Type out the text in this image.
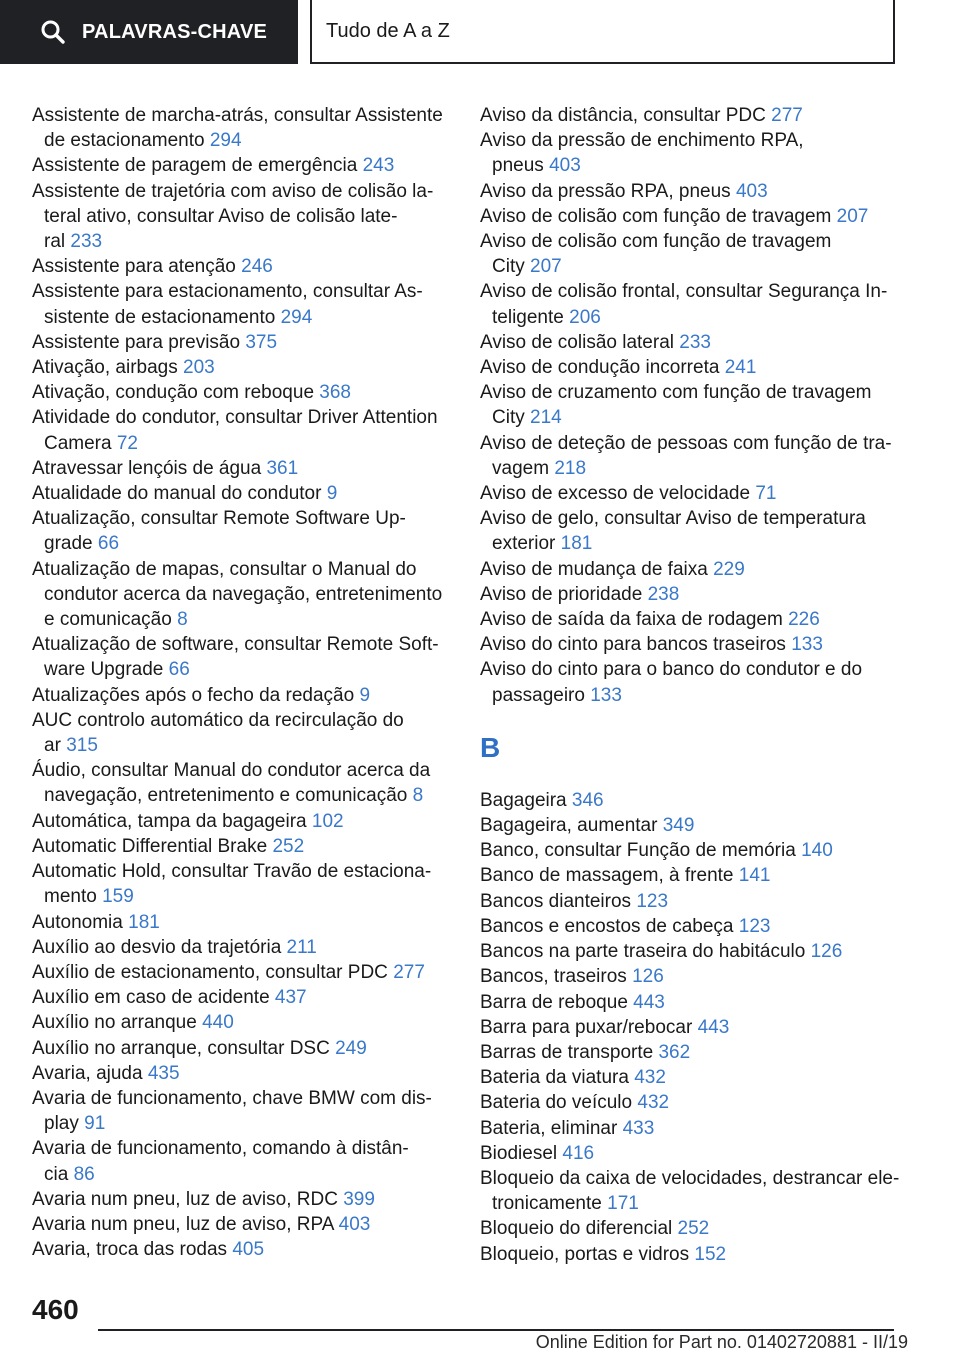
PALAVRAS-CHAVE	Tudo de A a Z
Assistente de marcha-atrás, consultar Assistente
de estacionamento 294
Assistente de paragem de emergência 243
Assistente de trajetória com aviso de colisão la-
teral ativo, consultar Aviso de colisão late-
ral 233
Assistente para atenção 246
Assistente para estacionamento, consultar As-
sistente de estacionamento 294
Assistente para previsão 375
Ativação, airbags 203
Ativação, condução com reboque 368
Atividade do condutor, consultar Driver Attention
Camera 72
Atravessar lençóis de água 361
Atualidade do manual do condutor 9
Atualização, consultar Remote Software Up-
grade 66
Atualização de mapas, consultar o Manual do
condutor acerca da navegação, entretenimento
e comunicação 8
Atualização de software, consultar Remote Soft-
ware Upgrade 66
Atualizações após o fecho da redação 9
AUC controlo automático da recirculação do
ar 315
Áudio, consultar Manual do condutor acerca da
navegação, entretenimento e comunicação 8
Automática, tampa da bagageira 102
Automatic Differential Brake 252
Automatic Hold, consultar Travão de estaciona-
mento 159
Autonomia 181
Auxílio ao desvio da trajetória 211
Auxílio de estacionamento, consultar PDC 277
Auxílio em caso de acidente 437
Auxílio no arranque 440
Auxílio no arranque, consultar DSC 249
Avaria, ajuda 435
Avaria de funcionamento, chave BMW com dis-
play 91
Avaria de funcionamento, comando à distân-
cia 86
Avaria num pneu, luz de aviso, RDC 399
Avaria num pneu, luz de aviso, RPA 403
Avaria, troca das rodas 405
Aviso da distância, consultar PDC 277
Aviso da pressão de enchimento RPA,
pneus 403
Aviso da pressão RPA, pneus 403
Aviso de colisão com função de travagem 207
Aviso de colisão com função de travagem
City 207
Aviso de colisão frontal, consultar Segurança In-
teligente 206
Aviso de colisão lateral 233
Aviso de condução incorreta 241
Aviso de cruzamento com função de travagem
City 214
Aviso de deteção de pessoas com função de tra-
vagem 218
Aviso de excesso de velocidade 71
Aviso de gelo, consultar Aviso de temperatura
exterior 181
Aviso de mudança de faixa 229
Aviso de prioridade 238
Aviso de saída da faixa de rodagem 226
Aviso do cinto para bancos traseiros 133
Aviso do cinto para o banco do condutor e do
passageiro 133
B
Bagageira 346
Bagageira, aumentar 349
Banco, consultar Função de memória 140
Banco de massagem, à frente 141
Bancos dianteiros 123
Bancos e encostos de cabeça 123
Bancos na parte traseira do habitáculo 126
Bancos, traseiros 126
Barra de reboque 443
Barra para puxar/rebocar 443
Barras de transporte 362
Bateria da viatura 432
Bateria do veículo 432
Bateria, eliminar 433
Biodiesel 416
Bloqueio da caixa de velocidades, destrancar ele-
tronicamente 171
Bloqueio do diferencial 252
Bloqueio, portas e vidros 152
460
Online Edition for Part no. 01402720881 - II/19
